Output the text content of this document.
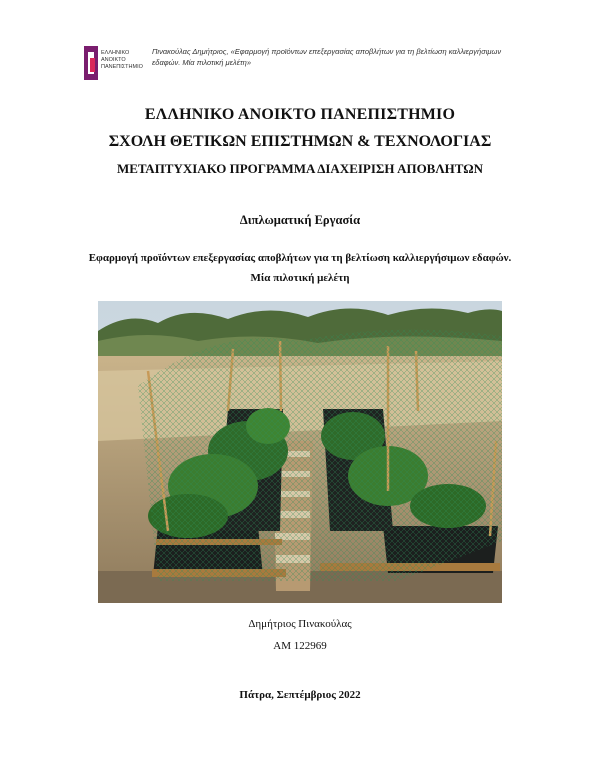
ΕΛΛΗΝΙΚΟ ΑΝΟΙΚΤΟ ΠΑΝΕΠΙΣΤΗΜΙΟ
Πινακούλας Δημήτριος, «Εφαρμογή προϊόντων επεξεργασίας αποβλήτων για τη βελτίωση καλλιεργήσιμων εδαφών. Μία πιλοτική μελέτη»
ΕΛΛΗΝΙΚΟ ΑΝΟΙΚΤΟ ΠΑΝΕΠΙΣΤΗΜΙΟ
ΣΧΟΛΗ ΘΕΤΙΚΩΝ ΕΠΙΣΤΗΜΩΝ & ΤΕΧΝΟΛΟΓΙΑΣ
ΜΕΤΑΠΤΥΧΙΑΚΟ ΠΡΟΓΡΑΜΜΑ ΔΙΑΧΕΙΡΙΣΗ ΑΠΟΒΛΗΤΩΝ
Διπλωματική Εργασία
Εφαρμογή προϊόντων επεξεργασίας αποβλήτων για τη βελτίωση καλλιεργήσιμων εδαφών.
Μία πιλοτική μελέτη
Δημήτριος Πινακούλας
ΑΜ 122969
Πάτρα, Σεπτέμβριος 2022
